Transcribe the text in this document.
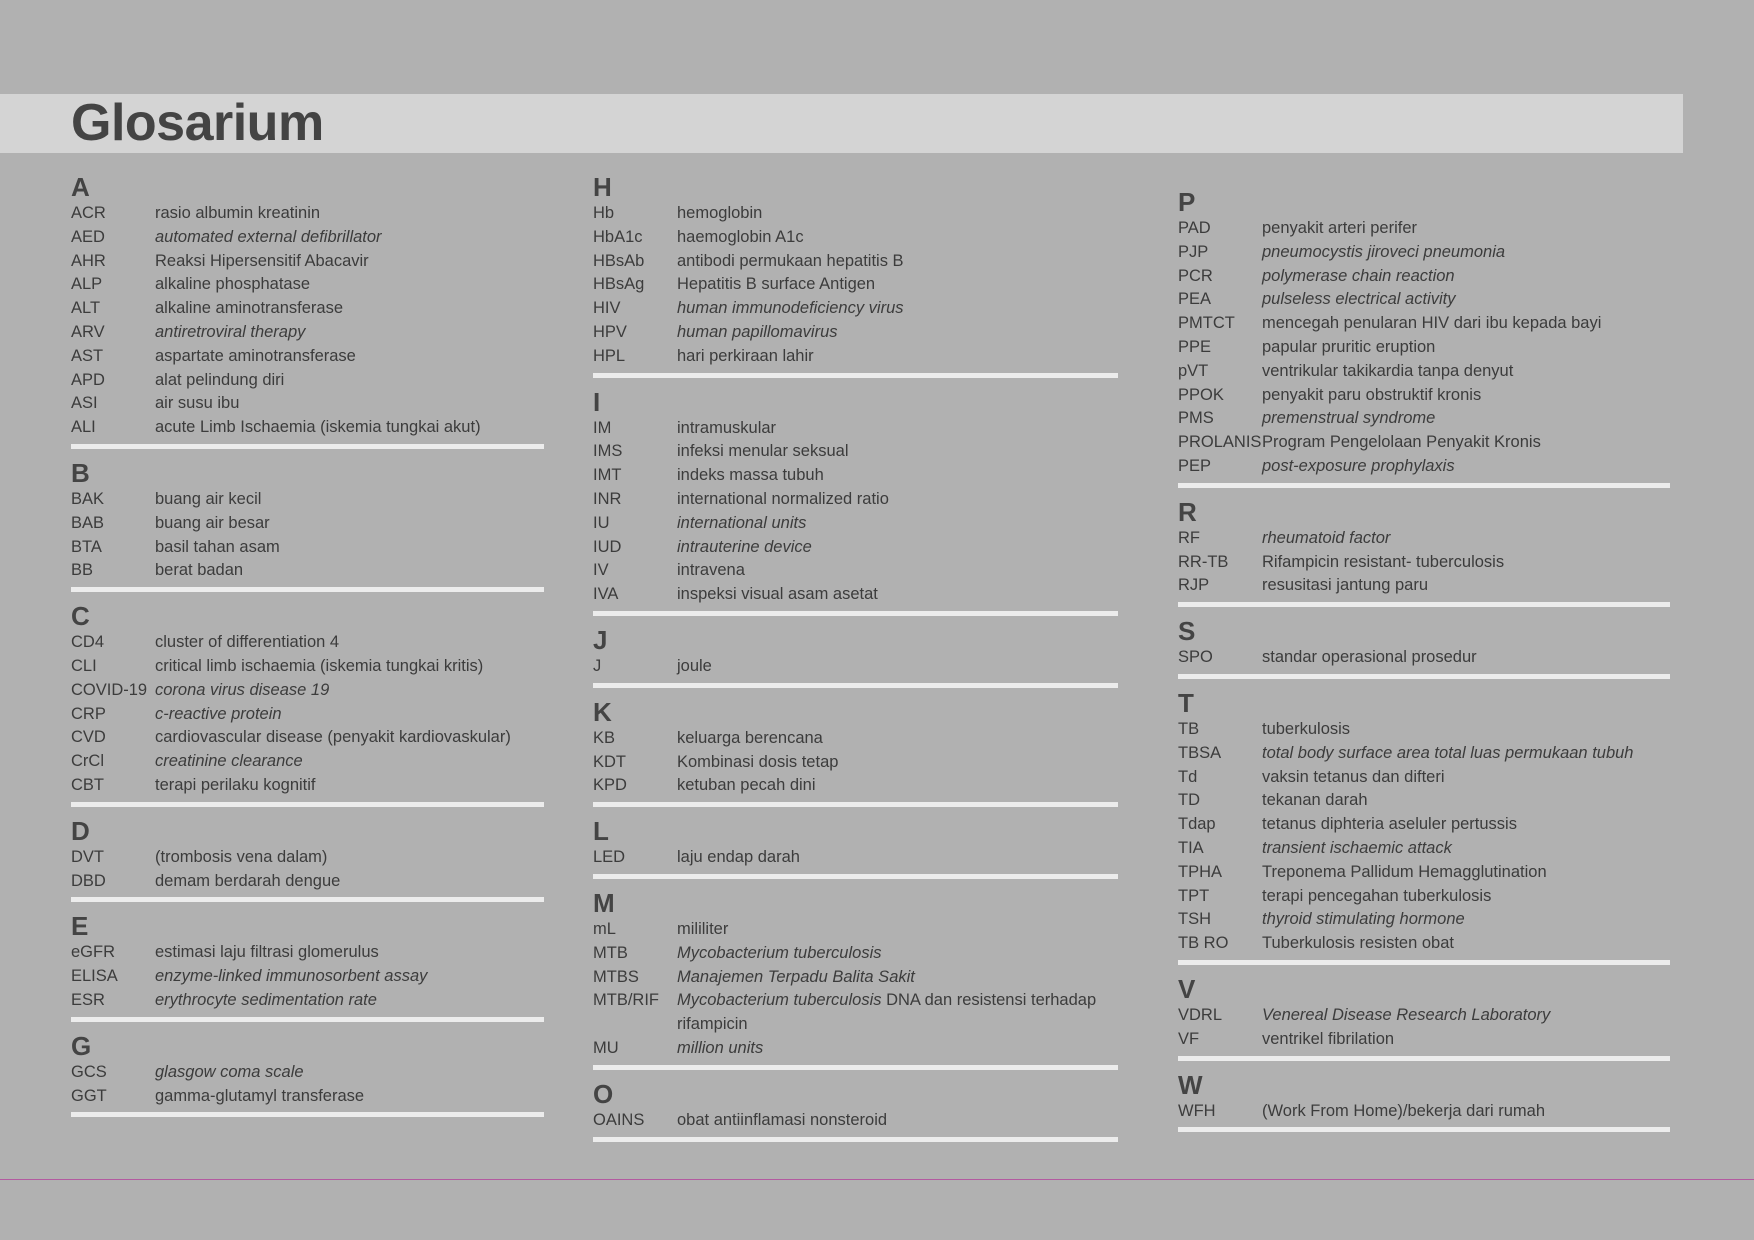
Glosarium
A
ACR	rasio albumin kreatinin
AED	automated external defibrillator
AHR	Reaksi Hipersensitif Abacavir
ALP	alkaline phosphatase
ALT	alkaline aminotransferase
ARV	antiretroviral therapy
AST	aspartate aminotransferase
APD	alat pelindung diri
ASI	air susu ibu
ALI	acute Limb Ischaemia (iskemia tungkai akut)
B
BAK	buang air kecil
BAB	buang air besar
BTA	basil tahan asam
BB	berat badan
C
CD4	cluster of differentiation 4
CLI	critical limb ischaemia (iskemia tungkai kritis)
COVID-19 corona virus disease 19
CRP	c-reactive protein
CVD	cardiovascular disease (penyakit kardiovaskular)
CrCl	creatinine clearance
CBT	terapi perilaku kognitif
D
DVT	(trombosis vena dalam)
DBD	demam berdarah dengue
E
eGFR	estimasi laju filtrasi glomerulus
ELISA	enzyme-linked immunosorbent assay
ESR	erythrocyte sedimentation rate
G
GCS	glasgow coma scale
GGT	gamma-glutamyl transferase
H
Hb	hemoglobin
HbA1c	haemoglobin A1c
HBsAb	antibodi permukaan hepatitis B
HBsAg	Hepatitis B surface Antigen
HIV	human immunodeficiency virus
HPV	human papillomavirus
HPL	hari perkiraan lahir
I
IM	intramuskular
IMS	infeksi menular seksual
IMT	indeks massa tubuh
INR	international normalized ratio
IU	international units
IUD	intrauterine device
IV	intravena
IVA	inspeksi visual asam asetat
J
J	joule
K
KB	keluarga berencana
KDT	Kombinasi dosis tetap
KPD	ketuban pecah dini
L
LED	laju endap darah
M
mL	mililiter
MTB	Mycobacterium tuberculosis
MTBS	Manajemen Terpadu Balita Sakit
MTB/RIF	Mycobacterium tuberculosis DNA dan resistensi terhadap rifampicin
MU	million units
O
OAINS	obat antiinflamasi nonsteroid
P
PAD	penyakit arteri perifer
PJP	pneumocystis jiroveci pneumonia
PCR	polymerase chain reaction
PEA	pulseless electrical activity
PMTCT	mencegah penularan HIV dari ibu kepada bayi
PPE	papular pruritic eruption
pVT	ventrikular takikardia tanpa denyut
PPOK	penyakit paru obstruktif kronis
PMS	premenstrual syndrome
PROLANIS Program Pengelolaan Penyakit Kronis
PEP	post-exposure prophylaxis
R
RF	rheumatoid factor
RR-TB	Rifampicin resistant- tuberculosis
RJP	resusitasi jantung paru
S
SPO	standar operasional prosedur
T
TB	tuberkulosis
TBSA	total body surface area total luas permukaan tubuh
Td	vaksin tetanus dan difteri
TD	tekanan darah
Tdap	tetanus diphteria aseluler pertussis
TIA	transient ischaemic attack
TPHA	Treponema Pallidum Hemagglutination
TPT	terapi pencegahan tuberkulosis
TSH	thyroid stimulating hormone
TB RO	Tuberkulosis resisten obat
V
VDRL	Venereal Disease Research Laboratory
VF	ventrikel fibrilation
W
WFH	(Work From Home)/bekerja dari rumah
